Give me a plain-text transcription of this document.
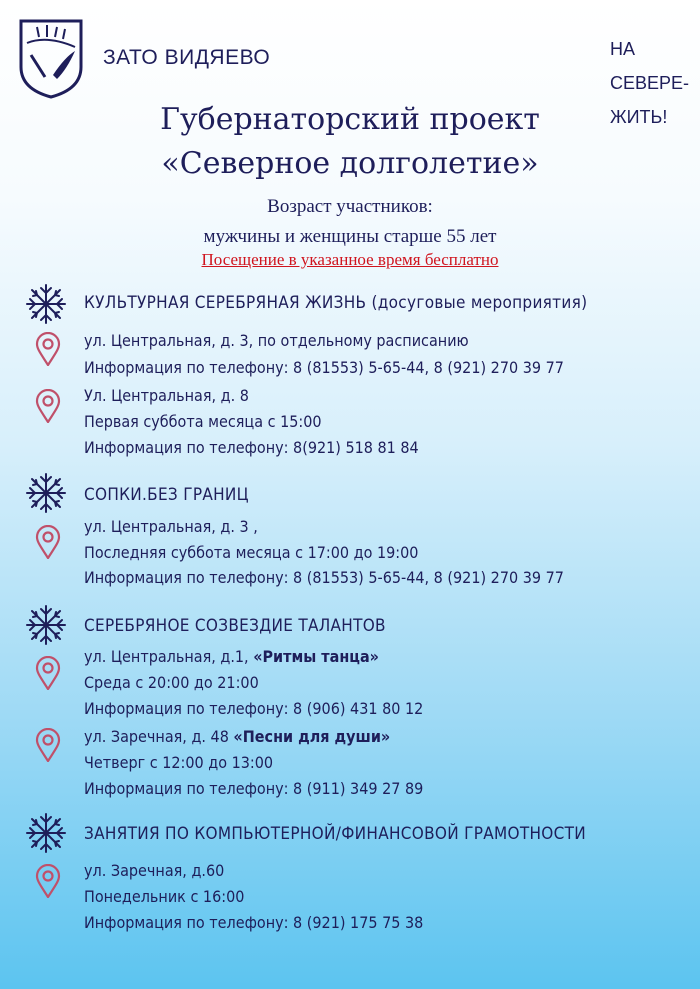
ЗАТО ВИДЯЕВО	НА
СЕВЕРЕ-
ЖИТЬ!
Губернаторский проект
«Северное долголетие»
Возраст участников:
мужчины и женщины старше 55 лет
Посещение в указанное время бесплатно
КУЛЬТУРНАЯ СЕРЕБРЯНАЯ ЖИЗНЬ (досуговые мероприятия)
ул. Центральная, д. 3, по отдельному расписанию
Информация по телефону: 8 (81553) 5-65-44, 8 (921) 270 39 77
Ул. Центральная, д. 8
Первая суббота месяца с 15:00
Информация по телефону: 8(921) 518 81 84
СОПКИ.БЕЗ ГРАНИЦ
ул. Центральная, д. 3 ,
Последняя суббота месяца с 17:00 до 19:00
Информация по телефону: 8 (81553) 5-65-44, 8 (921) 270 39 77
СЕРЕБРЯНОЕ СОЗВЕЗДИЕ ТАЛАНТОВ
ул. Центральная, д.1, «Ритмы танца»
Среда с 20:00 до 21:00
Информация по телефону: 8 (906) 431 80 12
ул. Заречная, д. 48 «Песни для души»
Четверг с 12:00 до 13:00
Информация по телефону: 8 (911) 349 27 89
ЗАНЯТИЯ ПО КОМПЬЮТЕРНОЙ/ФИНАНСОВОЙ ГРАМОТНОСТИ
ул. Заречная, д.60
Понедельник с 16:00
Информация по телефону: 8 (921) 175 75 38
